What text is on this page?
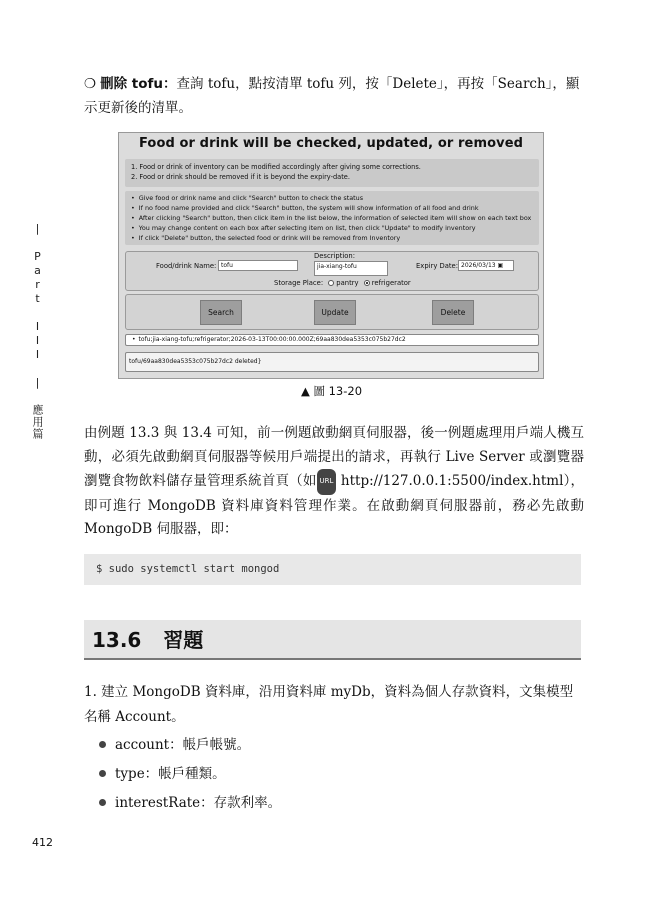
| Part III | 應用篇
❍ 刪除 tofu：查詢 tofu，點按清單 tofu 列，按「Delete」，再按「Search」，顯示更新後的清單。
Food or drink will be checked, updated, or removed
1. Food or drink of inventory can be modified accordingly after giving some corrections.
2. Food or drink should be removed if it is beyond the expiry-date.
• Give food or drink name and click "Search" button to check the status
• If no food name provided and click "Search" button, the system will show information of all food and drink
• After clicking "Search" button, then click item in the list below, the information of selected item will show on each text box
• You may change content on each box after selecting item on list, then click "Update" to modify inventory
• If click "Delete" button, the selected food or drink will be removed from Inventory
Food/drink Name: tofu
Description:
jia-xiang-tofu	Expiry Date: 2026/03/13 ▣
Storage Place: pantry refrigerator
Search	Update	Delete
• tofu;jia-xiang-tofu;refrigerator;2026-03-13T00:00:00.000Z;69aa830dea5353c075b27dc2
tofu/69aa830dea5353c075b27dc2 deleted}
▲ 圖 13-20
由例題 13.3 與 13.4 可知，前一例題啟動網頁伺服器，後一例題處理用戶端人機互動，必須先啟動網頁伺服器等候用戶端提出的請求，再執行 Live Server 或瀏覽器瀏覽食物飲料儲存量管理系統首頁（如 URL http://127.0.0.1:5500/index.html），即可進行 MongoDB 資料庫資料管理作業。在啟動網頁伺服器前，務必先啟動 MongoDB 伺服器，即：
$ sudo systemctl start mongod
13.6 習題
1. 建立 MongoDB 資料庫，沿用資料庫 myDb，資料為個人存款資料，文集模型名稱 Account。
account：帳戶帳號。
type：帳戶種類。
interestRate：存款利率。
412
